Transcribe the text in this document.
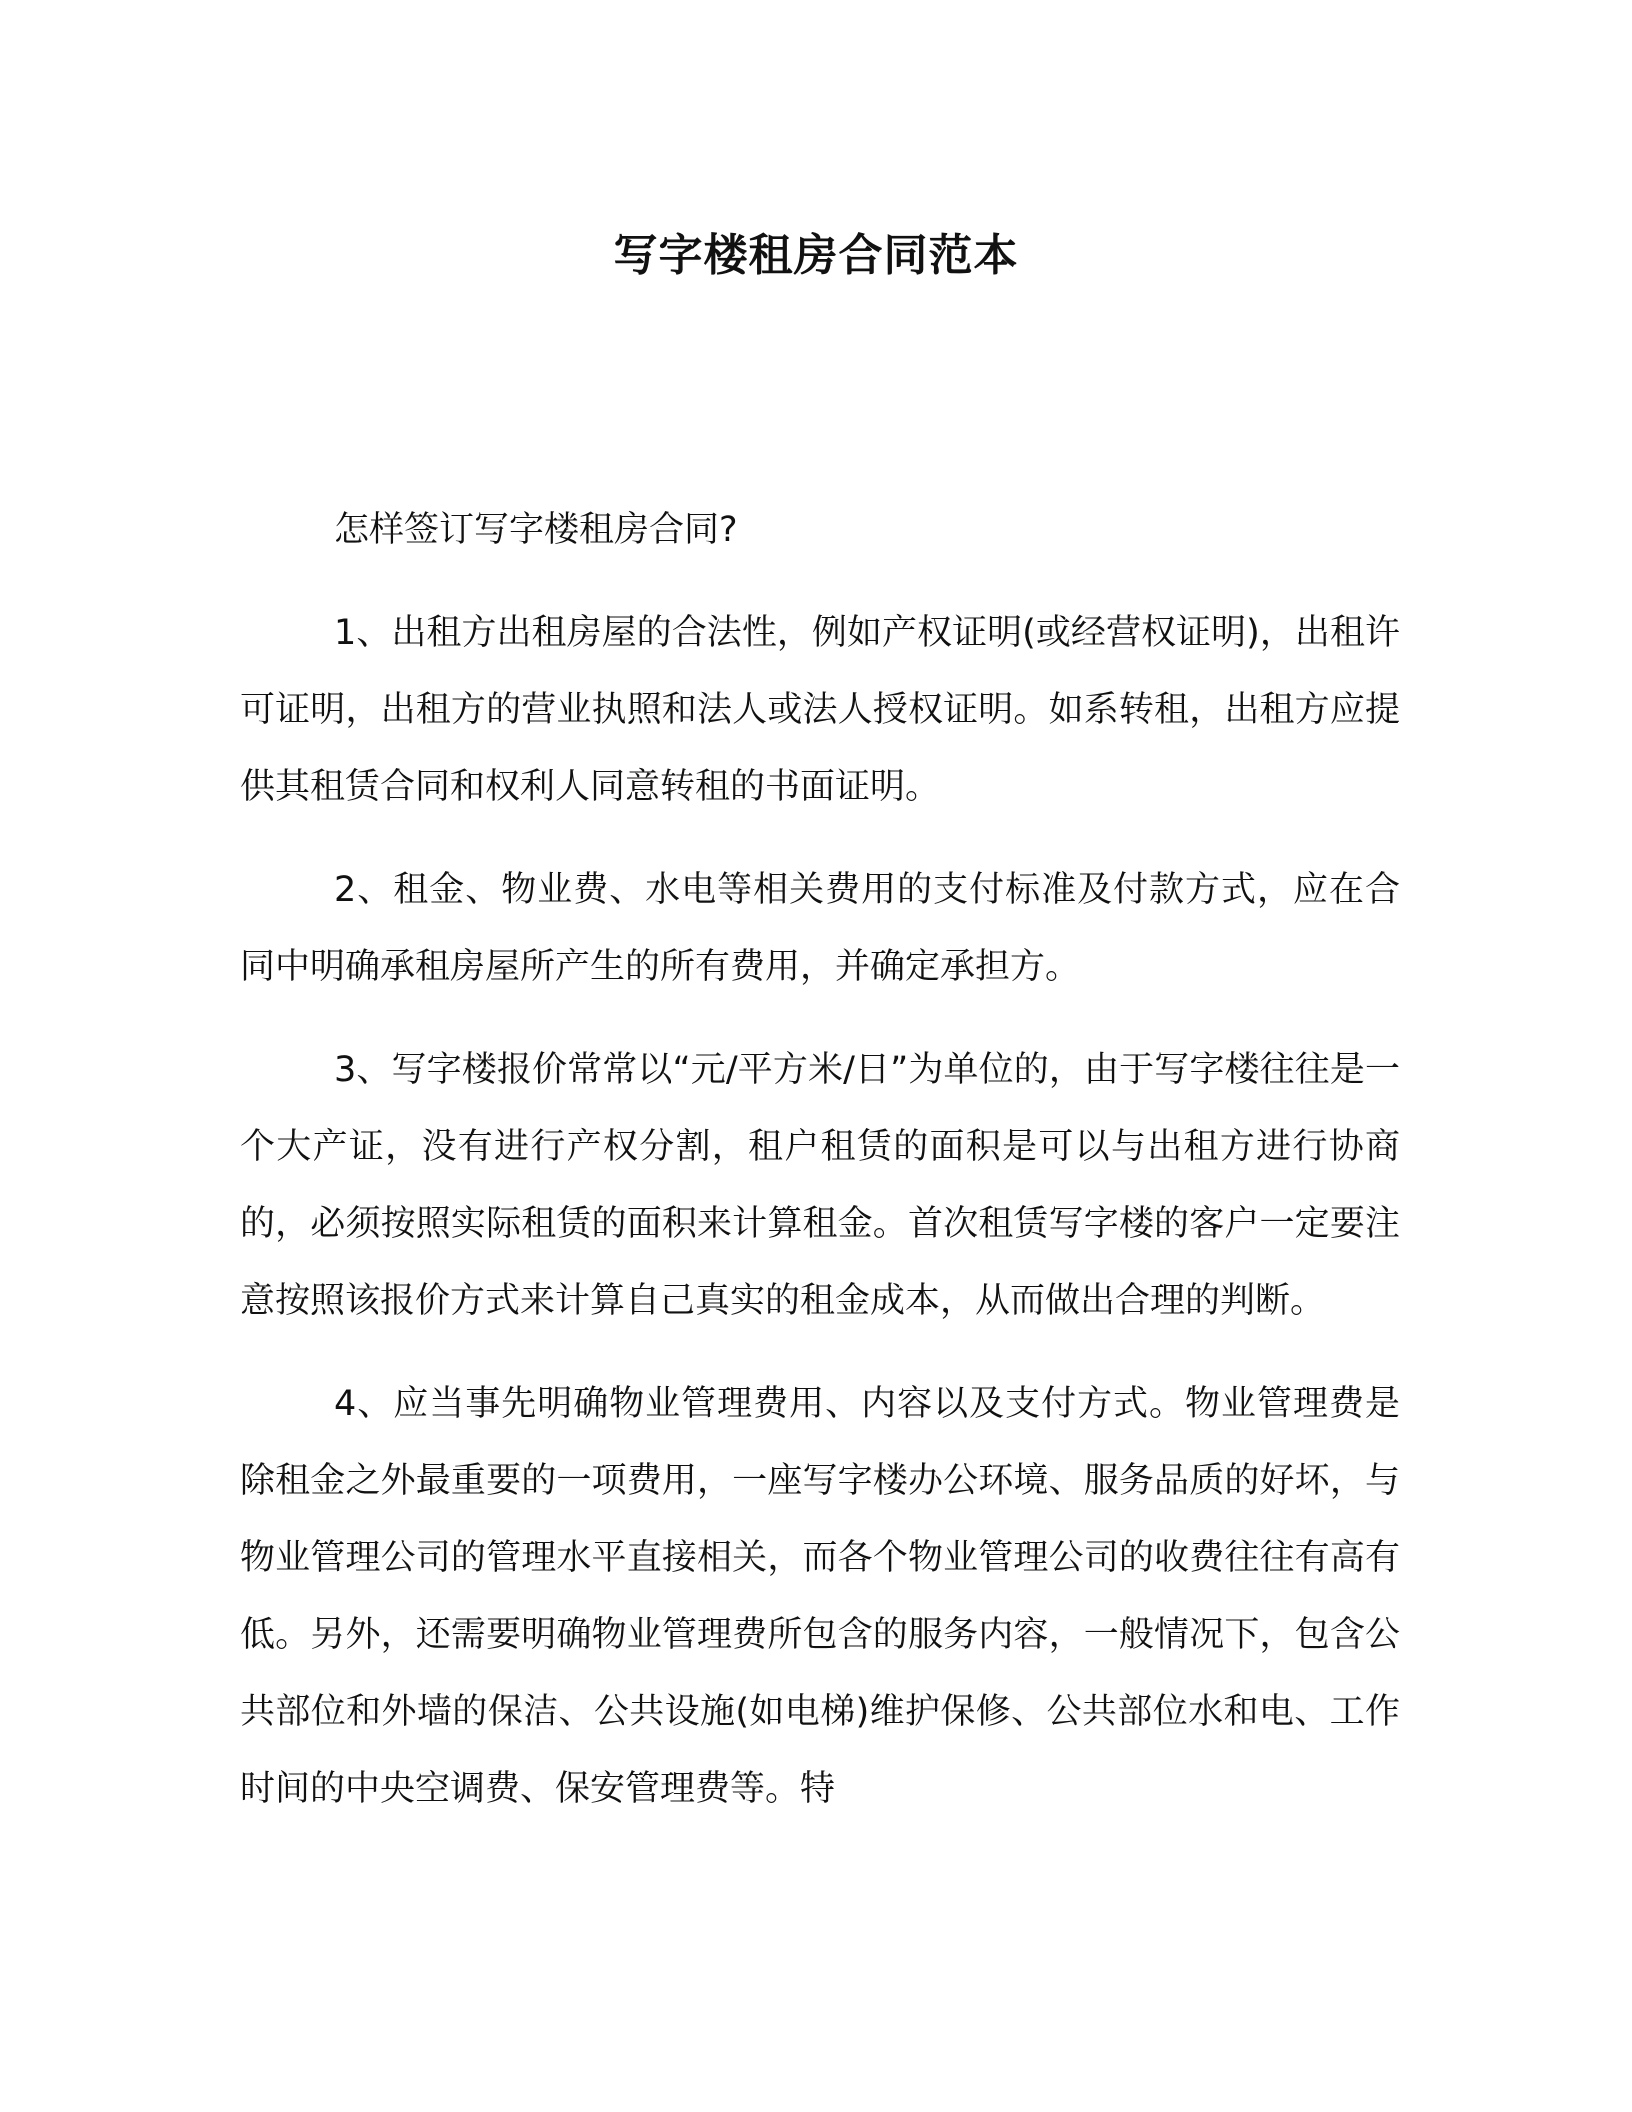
写字楼租房合同范本

怎样签订写字楼租房合同?

1、出租方出租房屋的合法性，例如产权证明(或经营权证明)，出租许可证明，出租方的营业执照和法人或法人授权证明。如系转租，出租方应提供其租赁合同和权利人同意转租的书面证明。

2、租金、物业费、水电等相关费用的支付标准及付款方式，应在合同中明确承租房屋所产生的所有费用，并确定承担方。

3、写字楼报价常常以“元/平方米/日”为单位的，由于写字楼往往是一个大产证，没有进行产权分割，租户租赁的面积是可以与出租方进行协商的，必须按照实际租赁的面积来计算租金。首次租赁写字楼的客户一定要注意按照该报价方式来计算自己真实的租金成本，从而做出合理的判断。

4、应当事先明确物业管理费用、内容以及支付方式。物业管理费是除租金之外最重要的一项费用，一座写字楼办公环境、服务品质的好坏，与物业管理公司的管理水平直接相关，而各个物业管理公司的收费往往有高有低。另外，还需要明确物业管理费所包含的服务内容，一般情况下，包含公共部位和外墙的保洁、公共设施(如电梯)维护保修、公共部位水和电、工作时间的中央空调费、保安管理费等。特
